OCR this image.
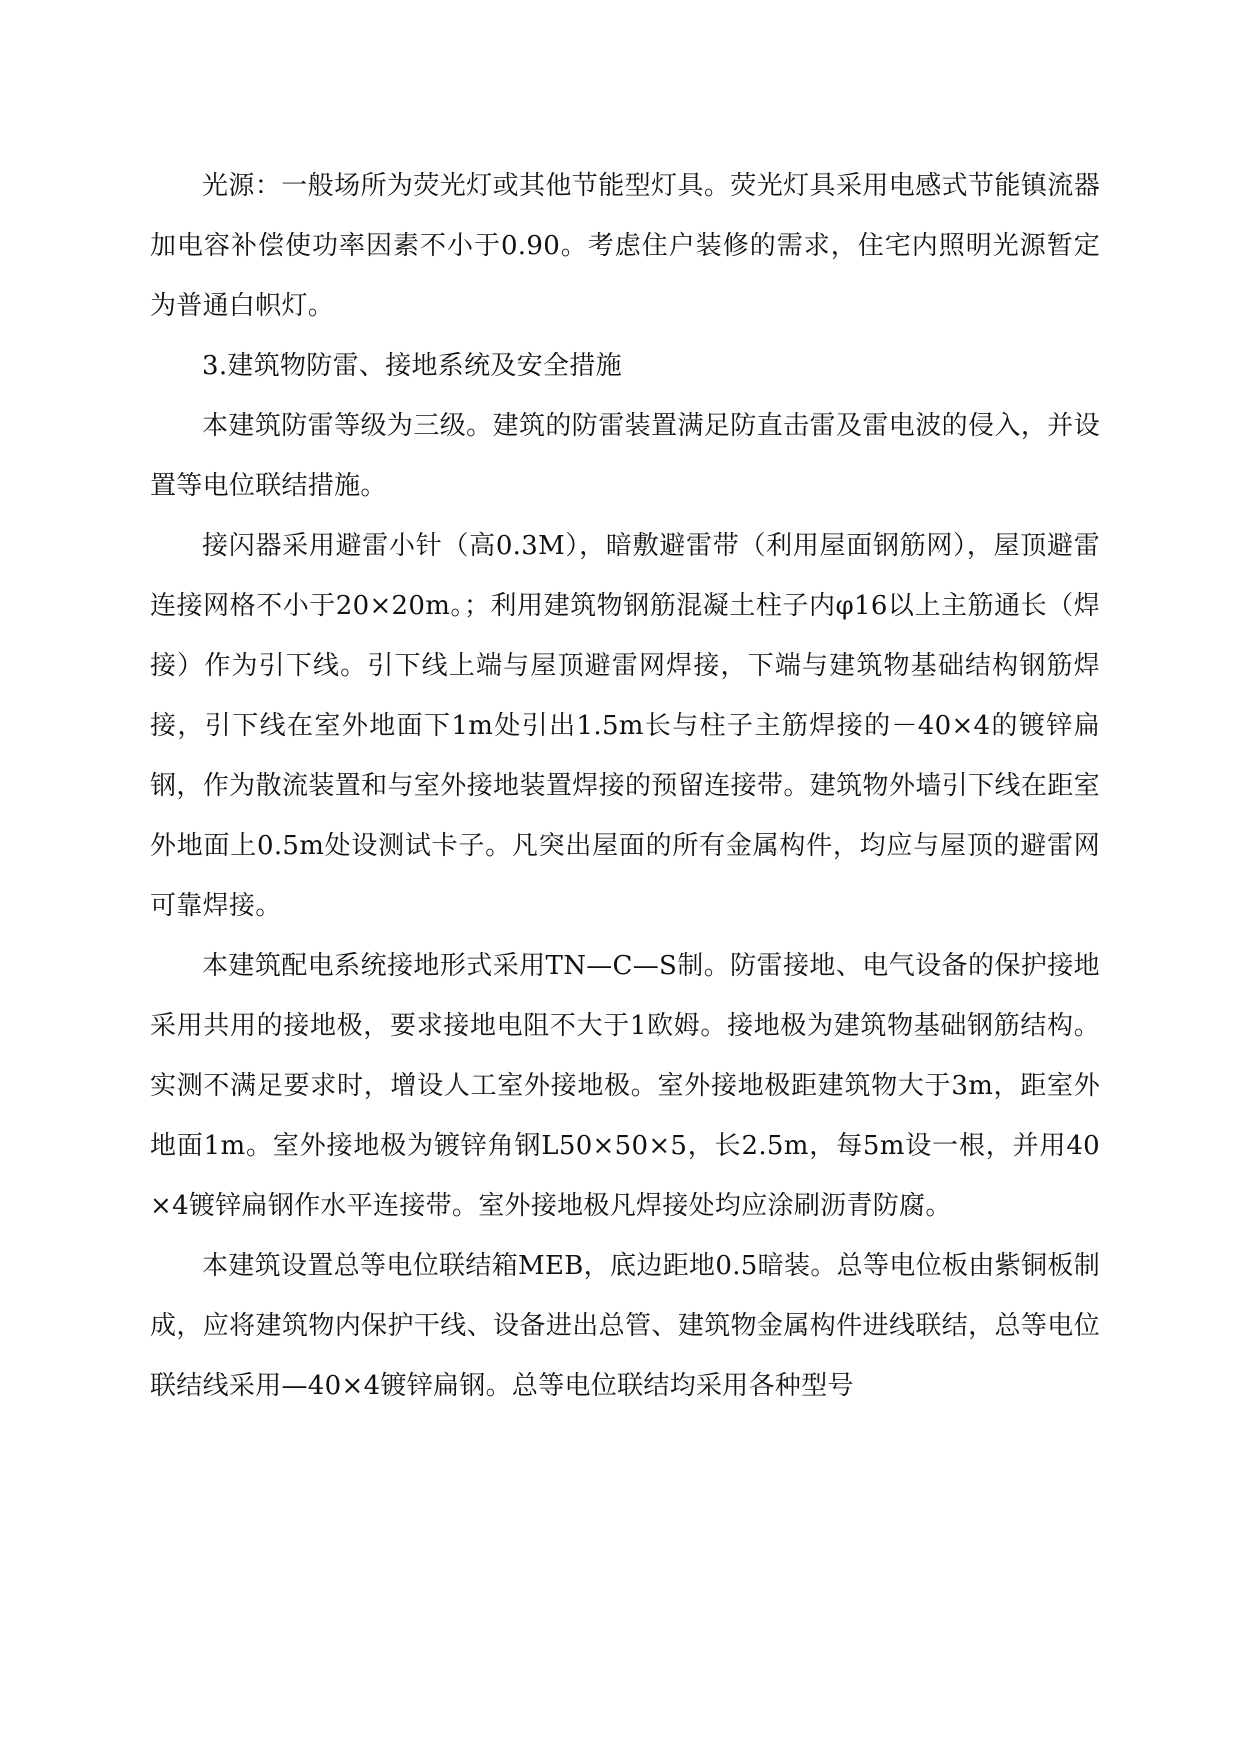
光源：一般场所为荧光灯或其他节能型灯具。荧光灯具采用电感式节能镇流器加电容补偿使功率因素不小于0.90。考虑住户装修的需求，住宅内照明光源暂定为普通白帜灯。

3.建筑物防雷、接地系统及安全措施

本建筑防雷等级为三级。建筑的防雷装置满足防直击雷及雷电波的侵入，并设置等电位联结措施。

接闪器采用避雷小针（高0.3M），暗敷避雷带（利用屋面钢筋网），屋顶避雷连接网格不小于20×20m。；利用建筑物钢筋混凝土柱子内φ16以上主筋通长（焊接）作为引下线。引下线上端与屋顶避雷网焊接，下端与建筑物基础结构钢筋焊接，引下线在室外地面下1m处引出1.5m长与柱子主筋焊接的－40×4的镀锌扁钢，作为散流装置和与室外接地装置焊接的预留连接带。建筑物外墙引下线在距室外地面上0.5m处设测试卡子。凡突出屋面的所有金属构件，均应与屋顶的避雷网可靠焊接。

本建筑配电系统接地形式采用TN—C—S制。防雷接地、电气设备的保护接地采用共用的接地极，要求接地电阻不大于1欧姆。接地极为建筑物基础钢筋结构。实测不满足要求时，增设人工室外接地极。室外接地极距建筑物大于3m，距室外地面1m。室外接地极为镀锌角钢L50×50×5，长2.5m，每5m设一根，并用40×4镀锌扁钢作水平连接带。室外接地极凡焊接处均应涂刷沥青防腐。

本建筑设置总等电位联结箱MEB，底边距地0.5暗装。总等电位板由紫铜板制成，应将建筑物内保护干线、设备进出总管、建筑物金属构件进线联结，总等电位联结线采用—40×4镀锌扁钢。总等电位联结均采用各种型号
